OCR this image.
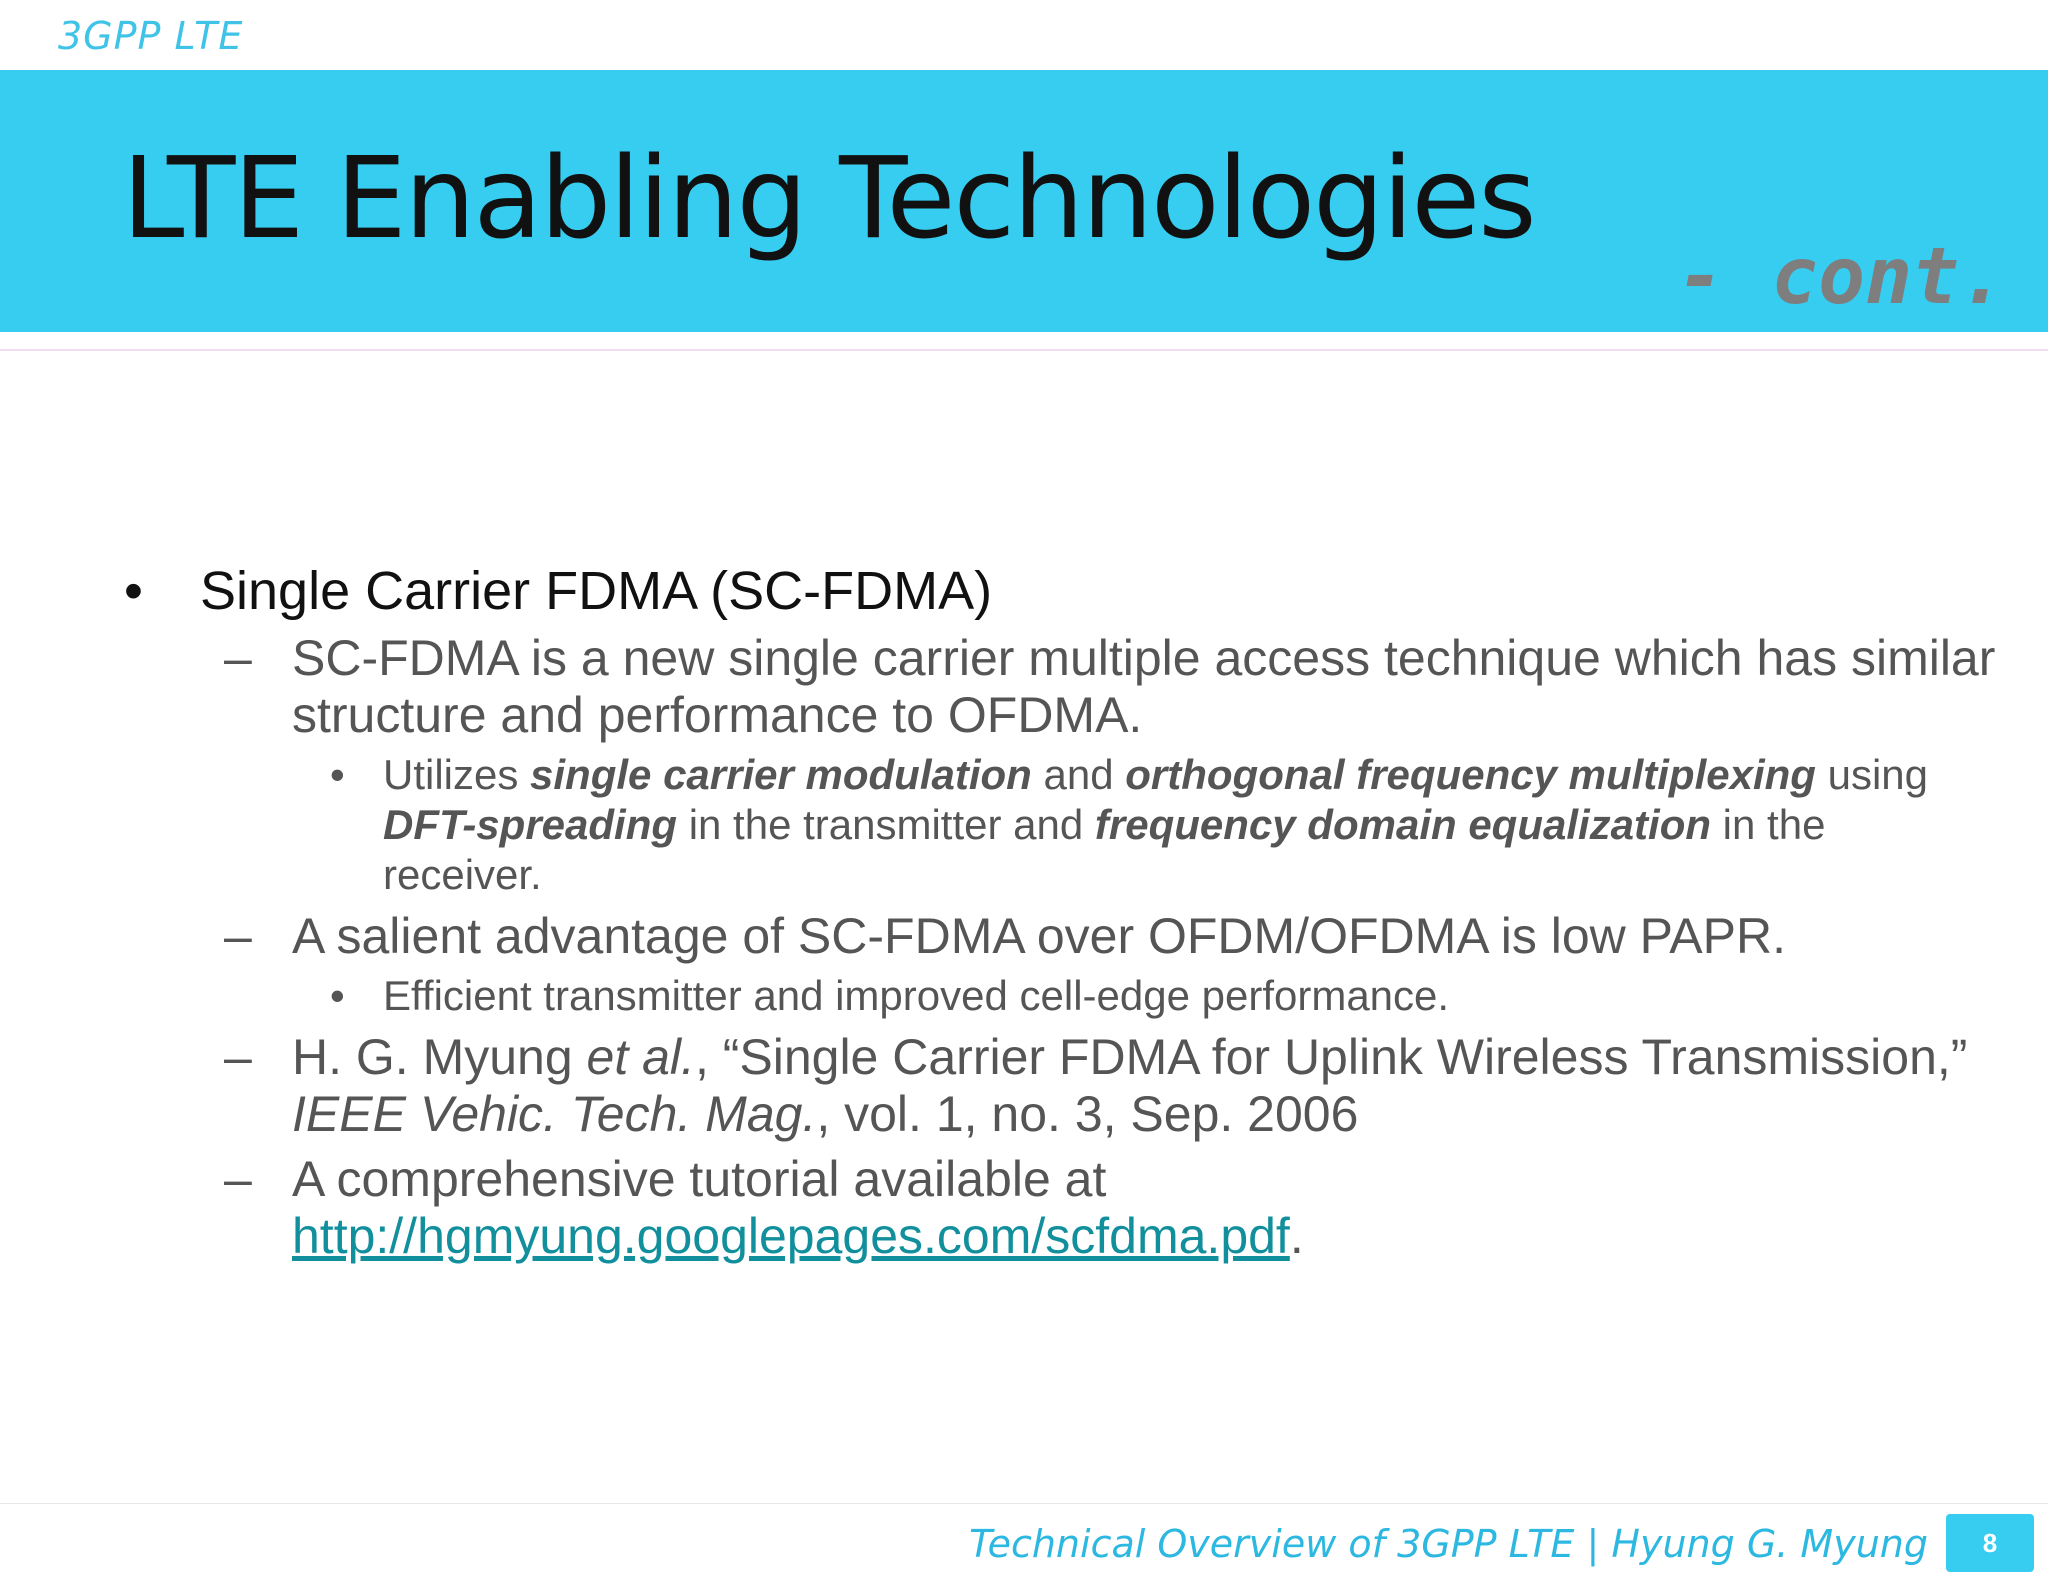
3GPP LTE
LTE Enabling Technologies
- cont.
• Single Carrier FDMA (SC-FDMA)
– SC-FDMA is a new single carrier multiple access technique which has similar structure and performance to OFDMA.
• Utilizes single carrier modulation and orthogonal frequency multiplexing using DFT-spreading in the transmitter and frequency domain equalization in the receiver.
– A salient advantage of SC-FDMA over OFDM/OFDMA is low PAPR.
• Efficient transmitter and improved cell-edge performance.
– H. G. Myung et al., “Single Carrier FDMA for Uplink Wireless Transmission,” IEEE Vehic. Tech. Mag., vol. 1, no. 3, Sep. 2006
– A comprehensive tutorial available at http://hgmyung.googlepages.com/scfdma.pdf.
Technical Overview of 3GPP LTE | Hyung G. Myung	8
